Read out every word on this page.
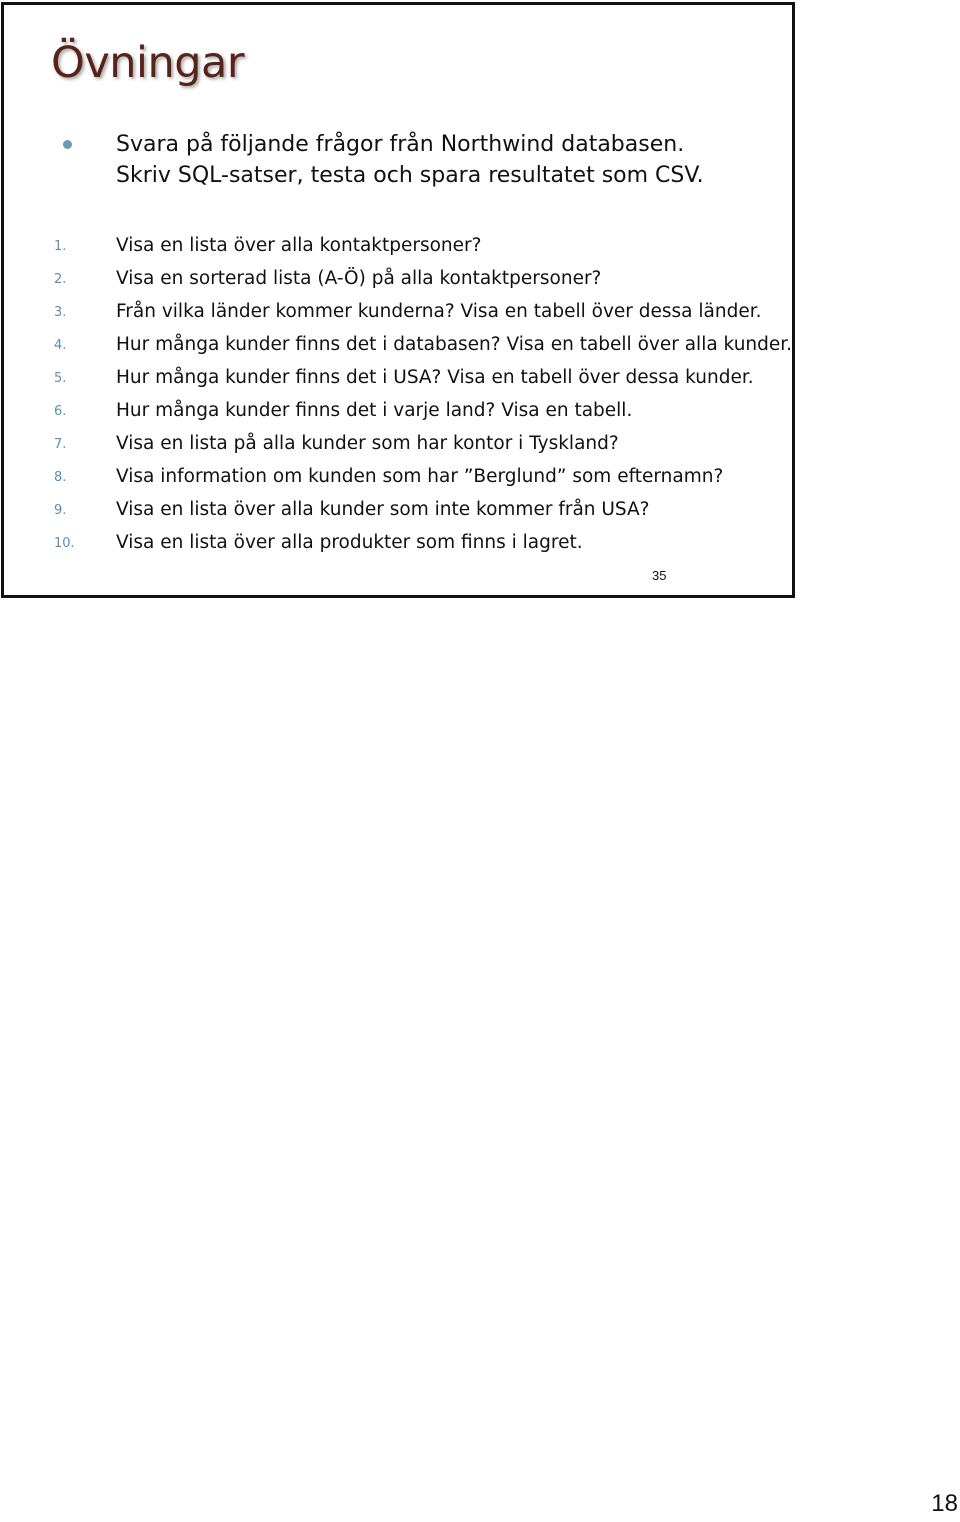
Övningar
Svara på följande frågor från Northwind databasen.
Skriv SQL-satser, testa och spara resultatet som CSV.
1.	Visa en lista över alla kontaktpersoner?
2.	Visa en sorterad lista (A-Ö) på alla kontaktpersoner?
3.	Från vilka länder kommer kunderna? Visa en tabell över dessa länder.
4.	Hur många kunder finns det i databasen? Visa en tabell över alla kunder.
5.	Hur många kunder finns det i USA? Visa en tabell över dessa kunder.
6.	Hur många kunder finns det i varje land? Visa en tabell.
7.	Visa en lista på alla kunder som har kontor i Tyskland?
8.	Visa information om kunden som har ”Berglund” som efternamn?
9.	Visa en lista över alla kunder som inte kommer från USA?
10.	Visa en lista över alla produkter som finns i lagret.
35
18
